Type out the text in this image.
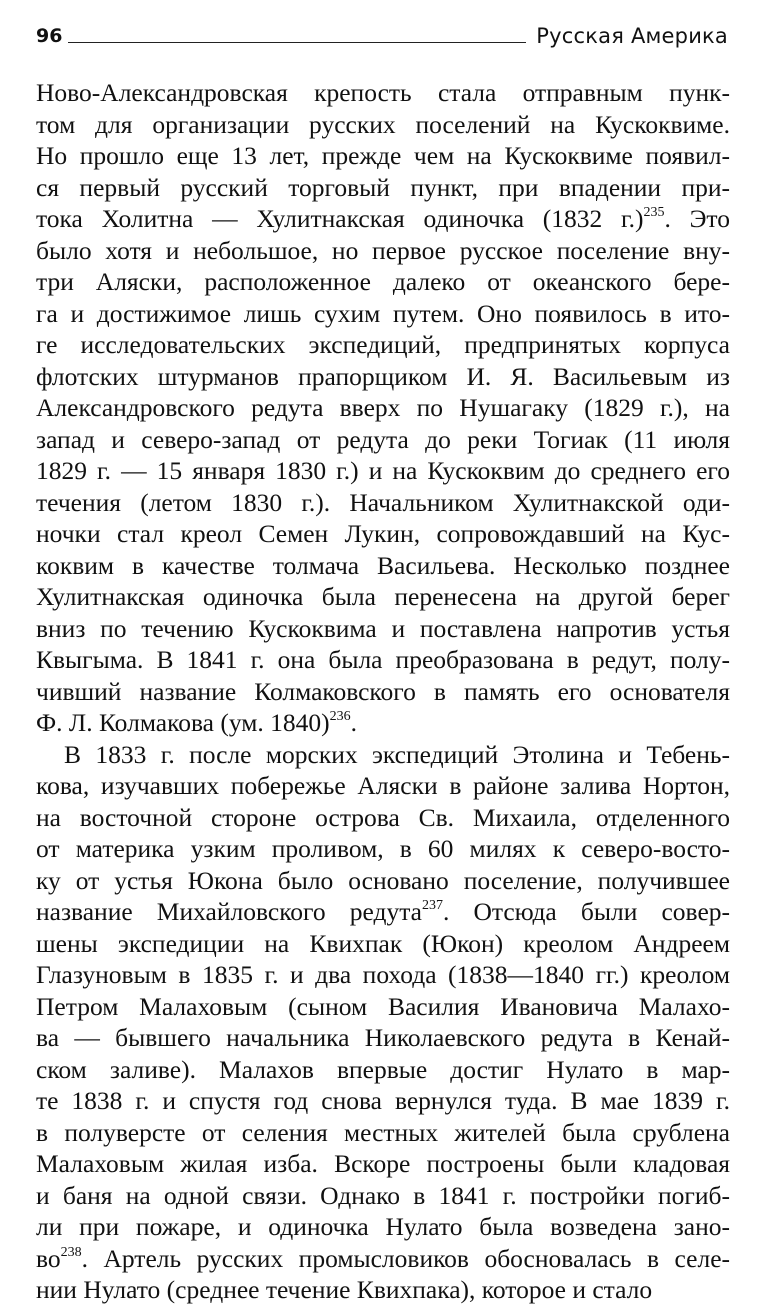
96	Русская Америка
Ново-Александровская крепость стала отправным пунк-
том для организации русских поселений на Кускоквиме.
Но прошло еще 13 лет, прежде чем на Кускоквиме появил-
ся первый русский торговый пункт, при впадении при-
тока Холитна — Хулитнакская одиночка (1832 г.)$^{235}$. Это
было хотя и небольшое, но первое русское поселение вну-
три Аляски, расположенное далеко от океанского бере-
га и достижимое лишь сухим путем. Оно появилось в ито-
ге исследовательских экспедиций, предпринятых корпуса
флотских штурманов прапорщиком И. Я. Васильевым из
Александровского редута вверх по Нушагаку (1829 г.), на
запад и северо-запад от редута до реки Тогиак (11 июля
1829 г. — 15 января 1830 г.) и на Кускоквим до среднего его
течения (летом 1830 г.). Начальником Хулитнакской оди-
ночки стал креол Семен Лукин, сопровождавший на Кус-
коквим в качестве толмача Васильева. Несколько позднее
Хулитнакская одиночка была перенесена на другой берег
вниз по течению Кускоквима и поставлена напротив устья
Квыгыма. В 1841 г. она была преобразована в редут, полу-
чивший название Колмаковского в память его основателя
Ф. Л. Колмакова (ум. 1840)$^{236}$.
В 1833 г. после морских экспедиций Этолина и Тебень-
кова, изучавших побережье Аляски в районе залива Нортон,
на восточной стороне острова Св. Михаила, отделенного
от материка узким проливом, в 60 милях к северо-восто-
ку от устья Юкона было основано поселение, получившее
название Михайловского редута$^{237}$. Отсюда были совер-
шены экспедиции на Квихпак (Юкон) креолом Андреем
Глазуновым в 1835 г. и два похода (1838—1840 гг.) креолом
Петром Малаховым (сыном Василия Ивановича Малахо-
ва — бывшего начальника Николаевского редута в Кенай-
ском заливе). Малахов впервые достиг Нулато в мар-
те 1838 г. и спустя год снова вернулся туда. В мае 1839 г.
в полуверсте от селения местных жителей была срублена
Малаховым жилая изба. Вскоре построены были кладовая
и баня на одной связи. Однако в 1841 г. постройки погиб-
ли при пожаре, и одиночка Нулато была возведена зано-
$во^{238}$. Артель русских промысловиков обосновалась в селе-
нии Нулато (среднее течение Квихпака), которое и стало
